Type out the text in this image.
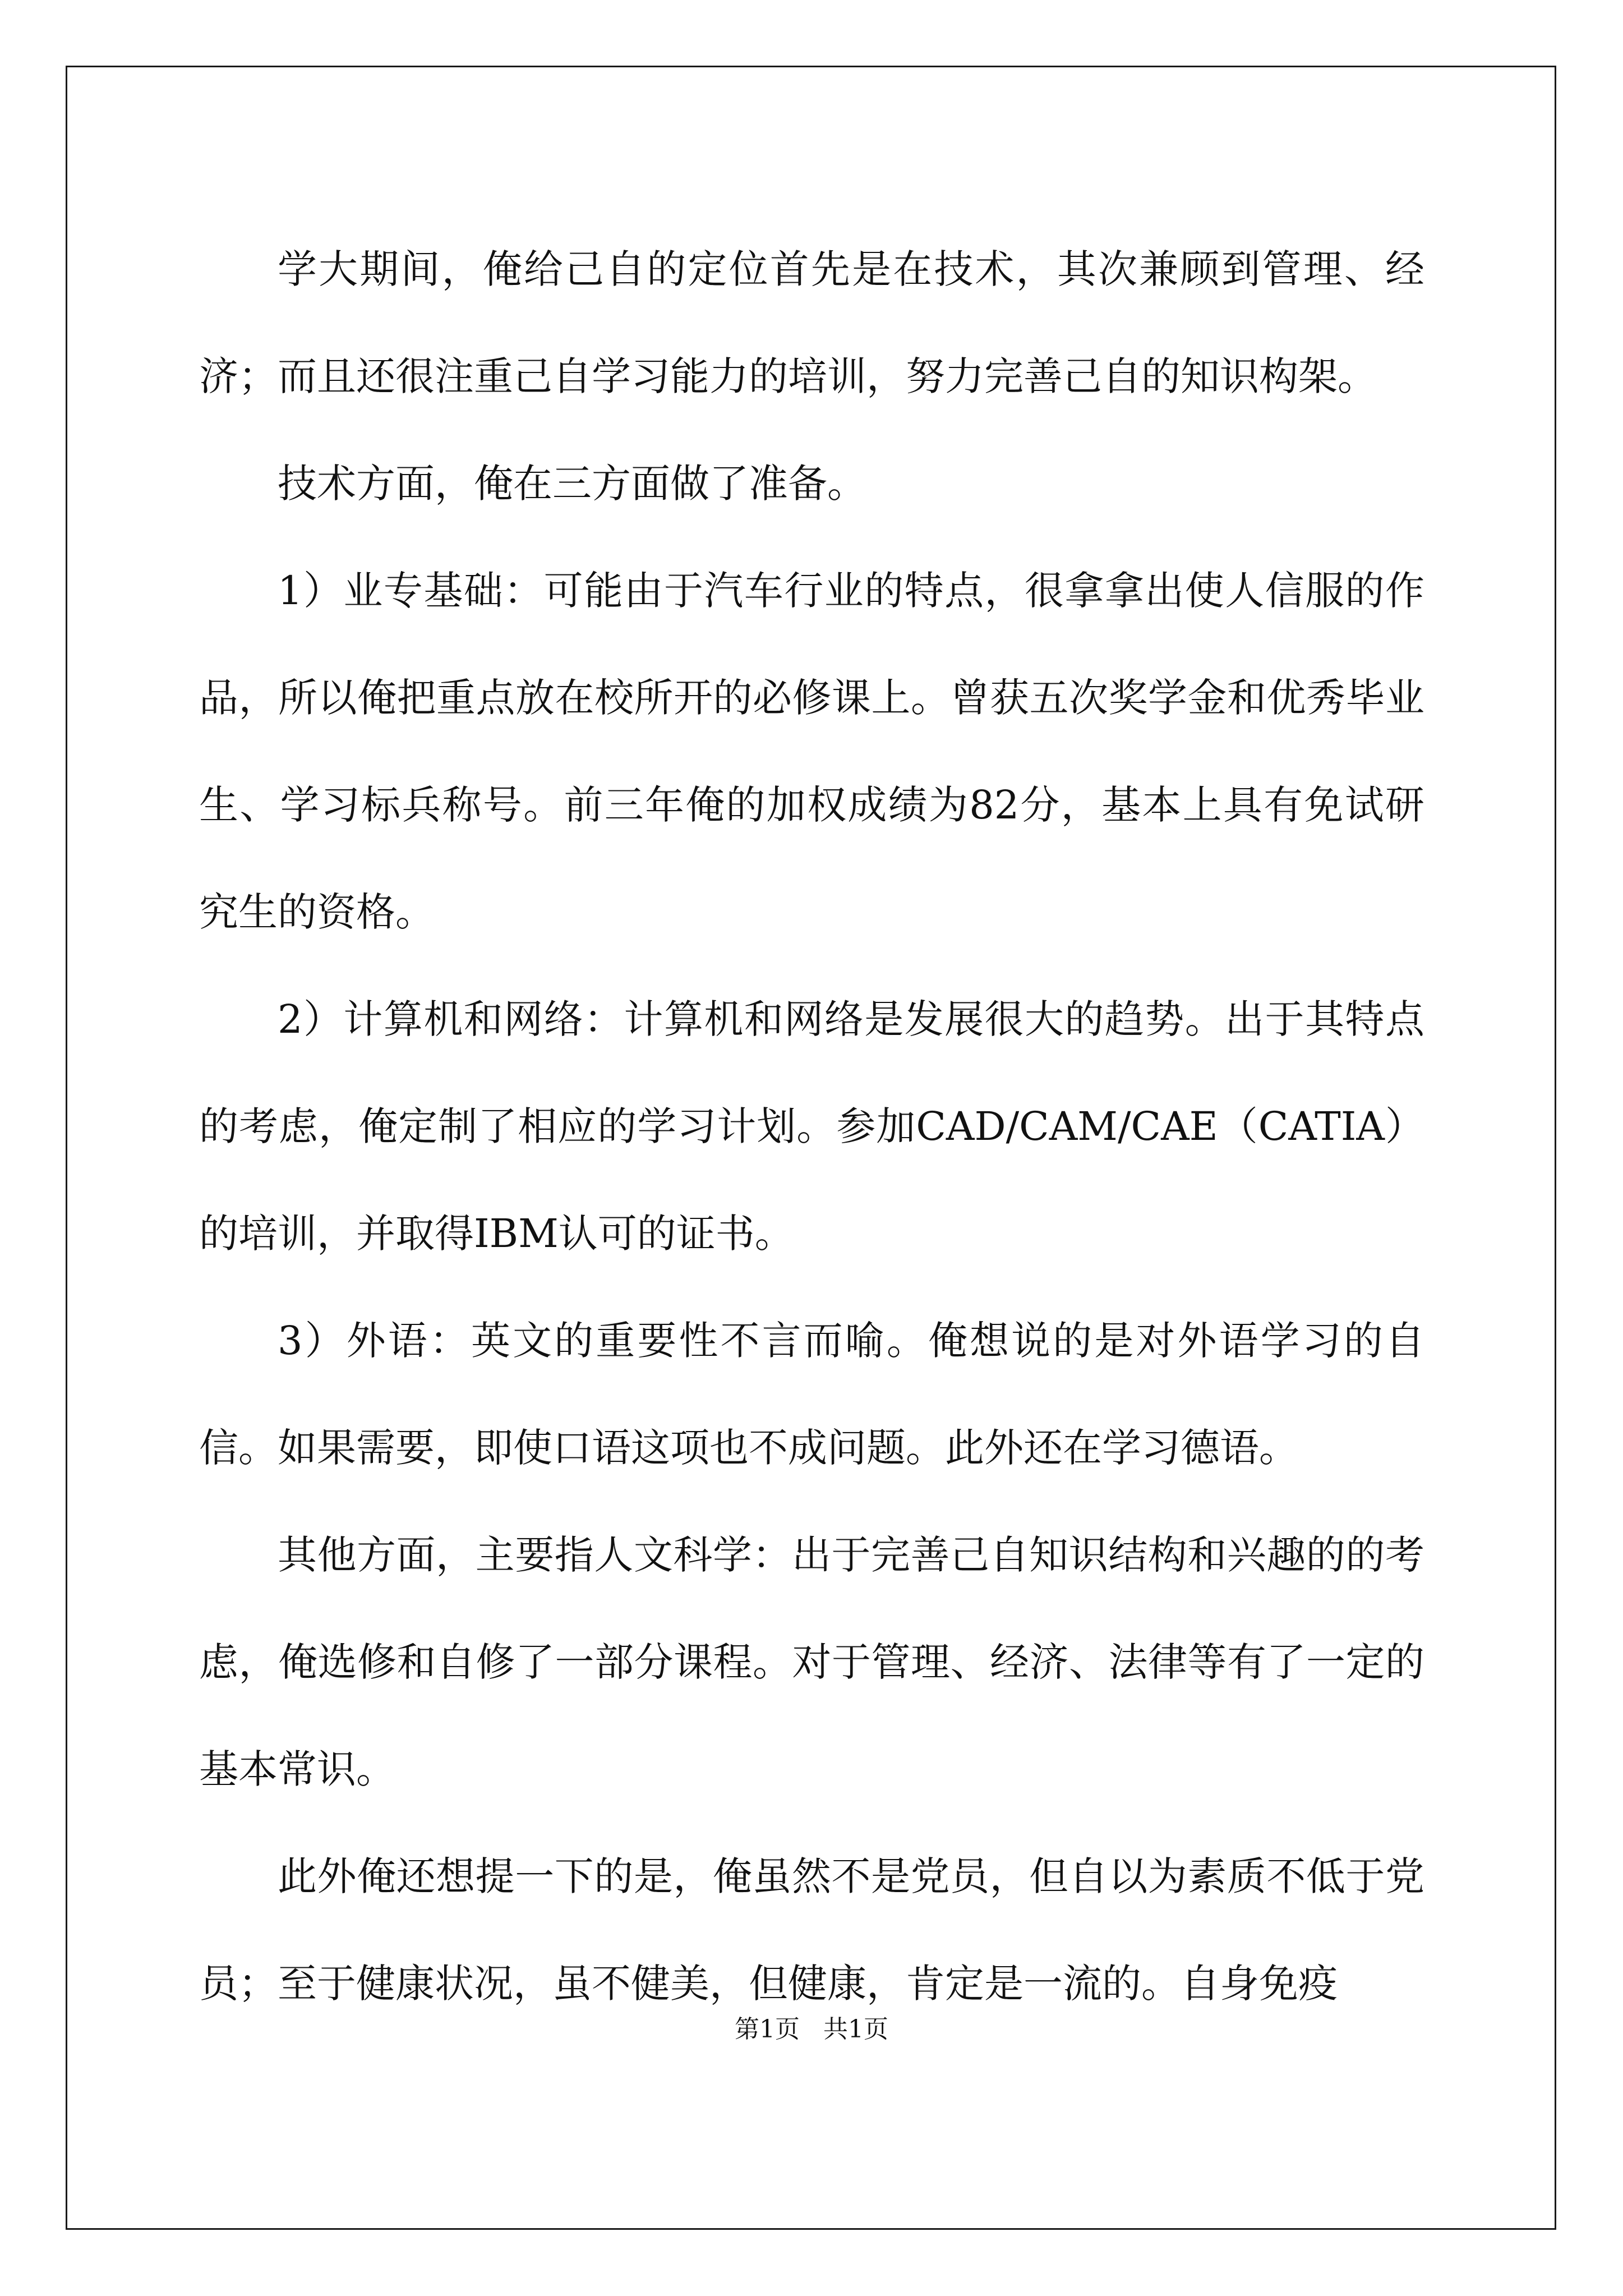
学大期间，俺给己自的定位首先是在技术，其次兼顾到管理、经济；而且还很注重己自学习能力的培训，努力完善己自的知识构架。

技术方面，俺在三方面做了准备。

1）业专基础：可能由于汽车行业的特点，很拿拿出使人信服的作品，所以俺把重点放在校所开的必修课上。曾获五次奖学金和优秀毕业生、学习标兵称号。前三年俺的加权成绩为82分，基本上具有免试研究生的资格。

2）计算机和网络：计算机和网络是发展很大的趋势。出于其特点的考虑，俺定制了相应的学习计划。参加CAD/CAM/CAE（CATIA）的培训，并取得IBM认可的证书。

3）外语：英文的重要性不言而喻。俺想说的是对外语学习的自信。如果需要，即使口语这项也不成问题。此外还在学习德语。

其他方面，主要指人文科学：出于完善己自知识结构和兴趣的的考虑，俺选修和自修了一部分课程。对于管理、经济、法律等有了一定的基本常识。

此外俺还想提一下的是，俺虽然不是党员，但自以为素质不低于党员；至于健康状况，虽不健美，但健康，肯定是一流的。自身免疫

第1页   共1页
